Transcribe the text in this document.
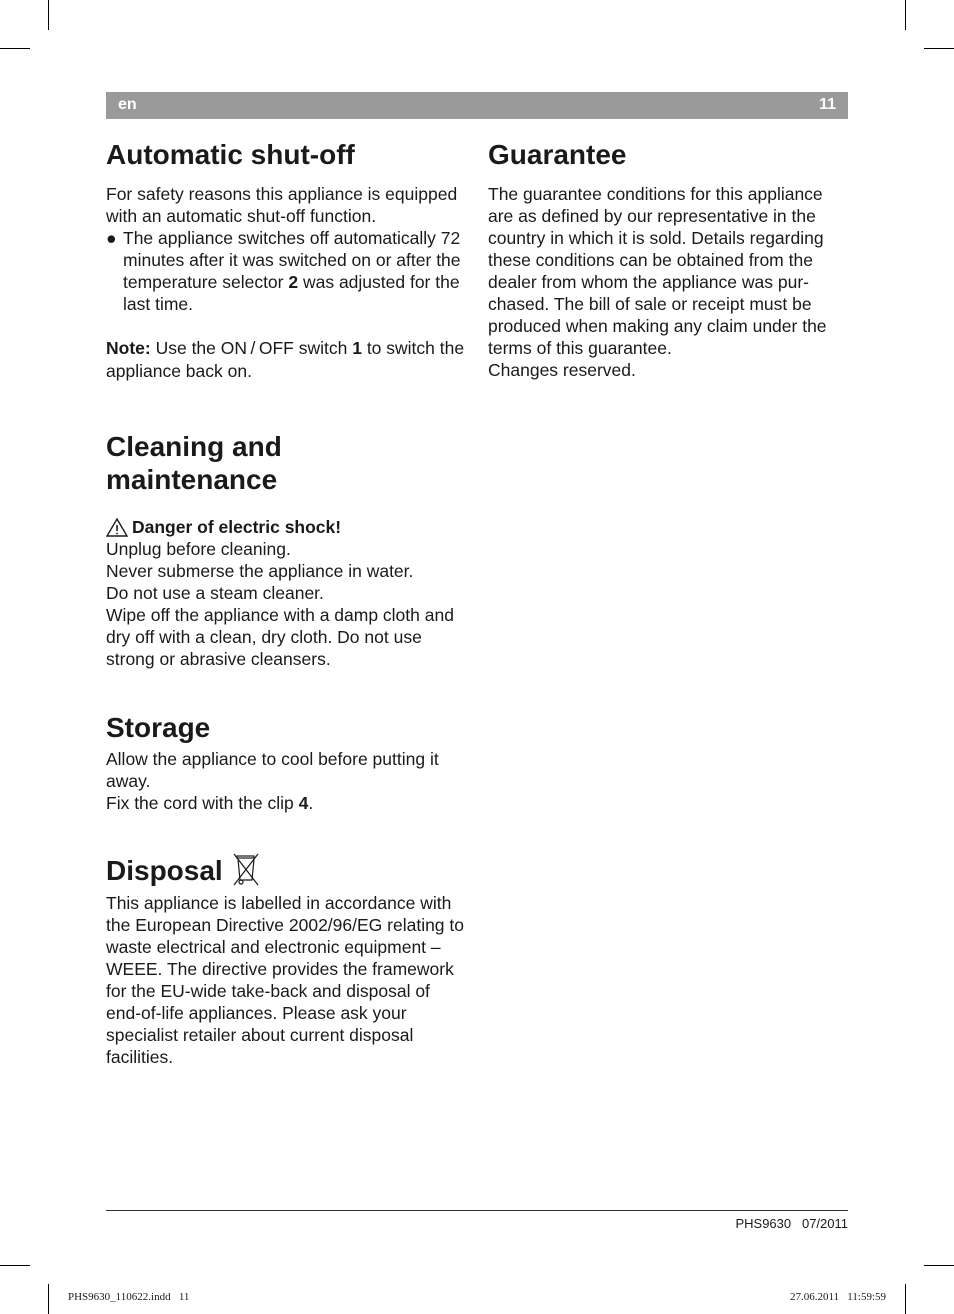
en	11
Automatic shut-off

For safety reasons this appliance is equipped with an automatic shut-off function.

● The appliance switches off automatically 72 minutes after it was switched on or after the temperature selector 2 was adjusted for the last time.

Note: Use the ON / OFF switch 1 to switch the appliance back on.

Cleaning and
maintenance
Danger of electric shock!

Unplug before cleaning.

Never submerse the appliance in water.

Do not use a steam cleaner.

Wipe off the appliance with a damp cloth and dry off with a clean, dry cloth. Do not use strong or abrasive cleansers.

Storage

Allow the appliance to cool before putting it away.

Fix the cord with the clip 4.

Disposal

This appliance is labelled in accordance with the European Directive 2002/96/EG relating to waste electrical and electronic equipment – WEEE. The directive provides the framework for the EU-wide take-back and disposal of end-of-life appliances. Please ask your specialist retailer about current disposal facilities.

Guarantee

The guarantee conditions for this appliance are as defined by our representative in the country in which it is sold. Details regarding these conditions can be obtained from the dealer from whom the appliance was purchased. The bill of sale or receipt must be produced when making any claim under the terms of this guarantee.

Changes reserved.

PHS9630 07/2011
PHS9630_110622.indd   11	27.06.2011   11:59:59
